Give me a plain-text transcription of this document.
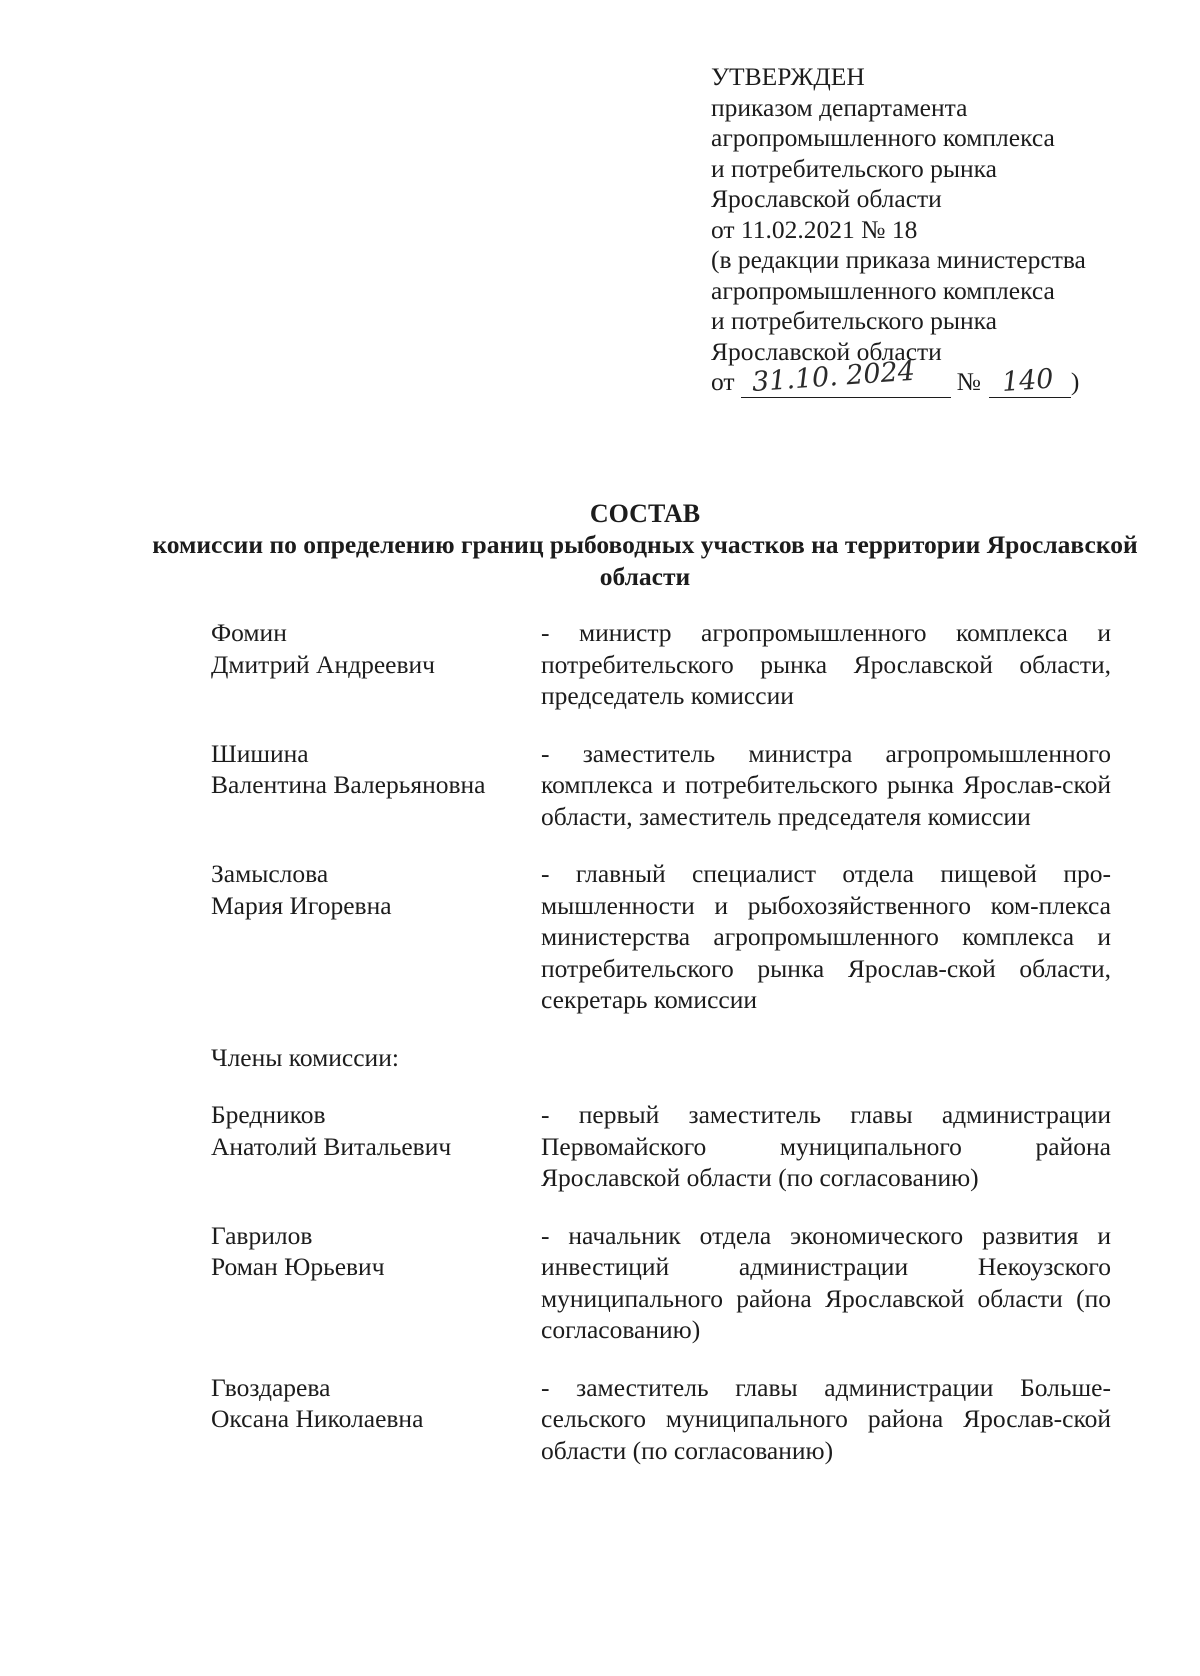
УТВЕРЖДЕН
приказом департамента
агропромышленного комплекса
и потребительского рынка
Ярославской области
от 11.02.2021 № 18
(в редакции приказа министерства
агропромышленного комплекса
и потребительского рынка
Ярославской области
от 31.10. 2024 № 140 )
СОСТАВ
комиссии по определению границ рыбоводных участков на территории Ярославской области
Фомин
Дмитрий Андреевич
- министр агропромышленного комплекса и потребительского рынка Ярославской области, председатель комиссии
Шишина
Валентина Валерьяновна
- заместитель министра агропромышленного комплекса и потребительского рынка Ярослав-ской области, заместитель председателя комиссии
Замыслова
Мария Игоревна
- главный специалист отдела пищевой про-мышленности и рыбохозяйственного ком-плекса министерства агропромышленного комплекса и потребительского рынка Ярослав-ской области, секретарь комиссии
Члены комиссии:
Бредников
Анатолий Витальевич
- первый заместитель главы администрации Первомайского муниципального района Ярославской области (по согласованию)
Гаврилов
Роман Юрьевич
- начальник отдела экономического развития и инвестиций администрации Некоузского муниципального района Ярославской области (по согласованию)
Гвоздарева
Оксана Николаевна
- заместитель главы администрации Больше-сельского муниципального района Ярослав-ской области (по согласованию)
